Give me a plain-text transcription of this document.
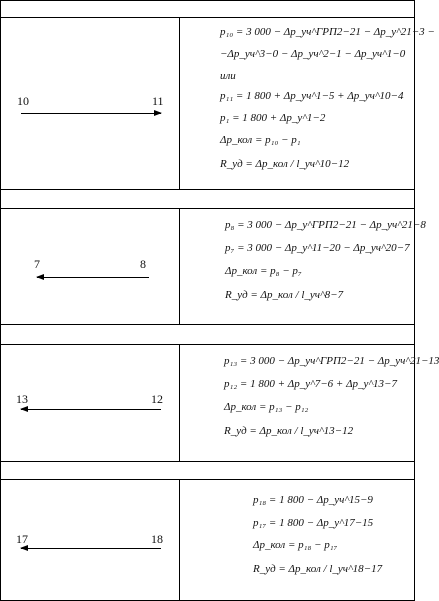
10	11
p₁₀ = 3 000 − Δp_уч^ГРП2−21 − Δp_у^21−3 −
−Δp_уч^3−0 − Δp_уч^2−1 − Δp_уч^1−0
или
p₁₁ = 1 800 + Δp_уч^1−5 + Δp_уч^10−4
p₁ = 1 800 + Δp_у^1−2
Δp_кол = p₁₀ − p₁
R_уд = Δp_кол / l_уч^10−12
7	8
p₈ = 3 000 − Δp_у^ГРП2−21 − Δp_уч^21−8
p₇ = 3 000 − Δp_у^11−20 − Δp_уч^20−7
Δp_кол = p₈ − p₇
R_уд = Δp_кол / l_уч^8−7
13	12
p₁₃ = 3 000 − Δp_уч^ГРП2−21 − Δp_уч^21−13
p₁₂ = 1 800 + Δp_у^7−6 + Δp_у^13−7
Δp_кол = p₁₃ − p₁₂
R_уд = Δp_кол / l_уч^13−12
17	18
p₁₈ = 1 800 − Δp_уч^15−9
p₁₇ = 1 800 − Δp_у^17−15
Δp_кол = p₁₈ − p₁₇
R_уд = Δp_кол / l_уч^18−17
